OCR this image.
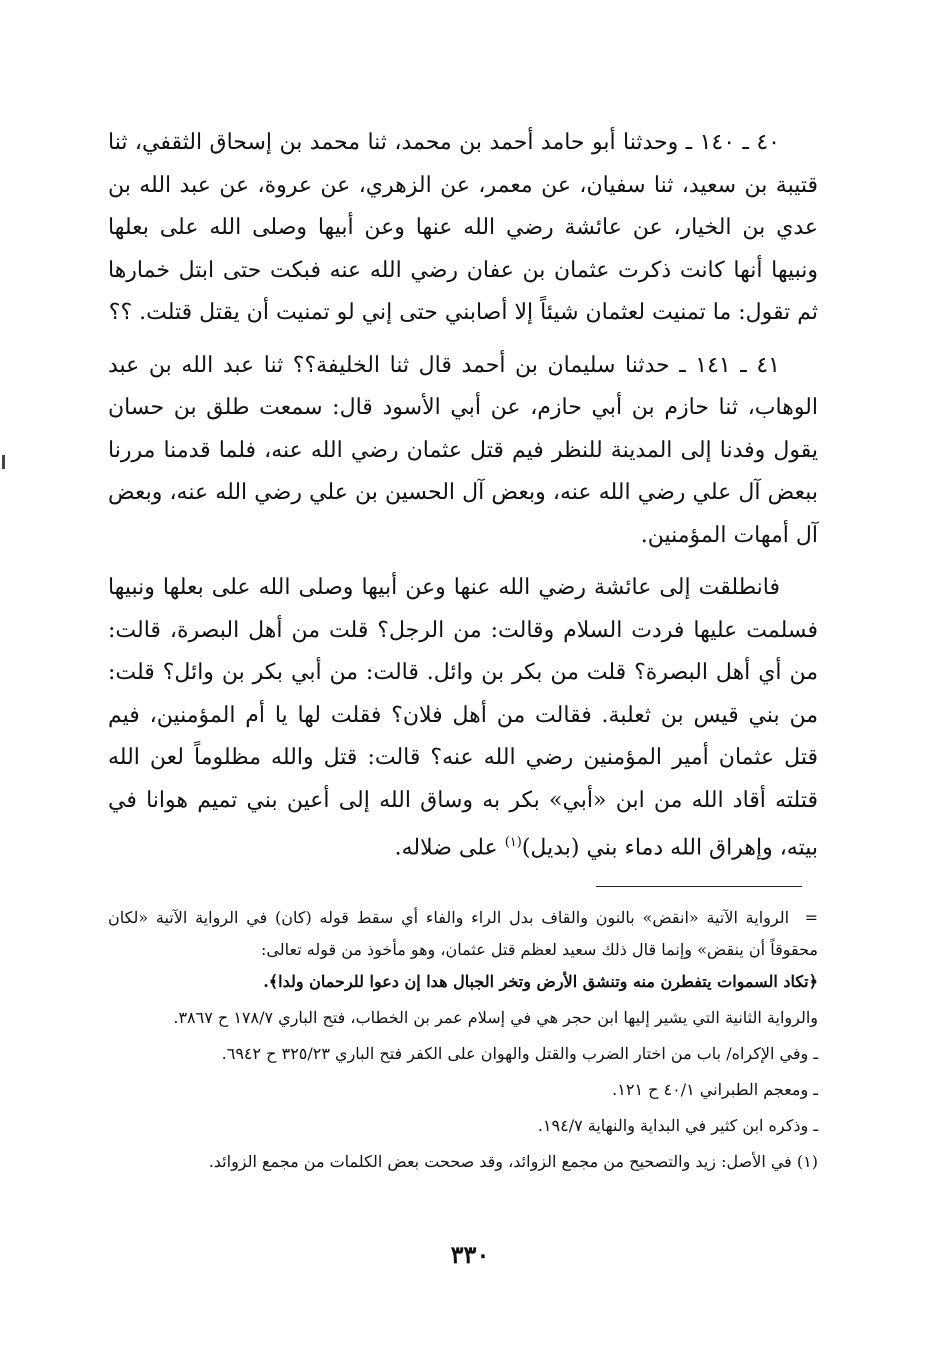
٤٠ ـ ١٤٠ ـ وحدثنا أبو حامد أحمد بن محمد، ثنا محمد بن إسحاق الثقفي، ثنا قتيبة بن سعيد، ثنا سفيان، عن معمر، عن الزهري، عن عروة، عن عبد الله بن عدي بن الخيار، عن عائشة رضي الله عنها وعن أبيها وصلى الله على بعلها ونبيها أنها كانت ذكرت عثمان بن عفان رضي الله عنه فبكت حتى ابتل خمارها ثم تقول: ما تمنيت لعثمان شيئاً إلا أصابني حتى إني لو تمنيت أن يقتل قتلت. ؟؟

٤١ ـ ١٤١ ـ حدثنا سليمان بن أحمد قال ثنا الخليفة؟؟ ثنا عبد الله بن عبد الوهاب، ثنا حازم بن أبي حازم، عن أبي الأسود قال: سمعت طلق بن حسان يقول وفدنا إلى المدينة للنظر فيم قتل عثمان رضي الله عنه، فلما قدمنا مررنا ببعض آل علي رضي الله عنه، وبعض آل الحسين بن علي رضي الله عنه، وبعض آل أمهات المؤمنين.

فانطلقت إلى عائشة رضي الله عنها وعن أبيها وصلى الله على بعلها ونبيها فسلمت عليها فردت السلام وقالت: من الرجل؟ قلت من أهل البصرة، قالت: من أي أهل البصرة؟ قلت من بكر بن وائل. قالت: من أبي بكر بن وائل؟ قلت: من بني قيس بن ثعلبة. فقالت من أهل فلان؟ فقلت لها يا أم المؤمنين، فيم قتل عثمان أمير المؤمنين رضي الله عنه؟ قالت: قتل والله مظلوماً لعن الله قتلته أقاد الله من ابن «أبي» بكر به وساق الله إلى أعين بني تميم هوانا في بيته، وإهراق الله دماء بني (بديل)$^{(١)}$ على ضلاله.

=  الرواية الآتية «انقض» بالنون والقاف بدل الراء والفاء أي سقط قوله (كان) في الرواية الآتية «لكان محقوقاً أن ينقض» وإنما قال ذلك سعيد لعظم قتل عثمان، وهو مأخوذ من قوله تعالى:

﴿تكاد السموات يتفطرن منه وتنشق الأرض وتخر الجبال هدا إن دعوا للرحمان ولدا﴾.

والرواية الثانية التي يشير إليها ابن حجر هي في إسلام عمر بن الخطاب، فتح الباري ١٧٨/٧ ح ٣٨٦٧.

ـ وفي الإكراه/ باب من اختار الضرب والقتل والهوان على الكفر فتح الباري ٣٢٥/٢٣ ح ٦٩٤٢.

ـ ومعجم الطبراني ٤٠/١ ح ١٢١.

ـ وذكره ابن كثير في البداية والنهاية ١٩٤/٧.

(١) في الأصل: زيد والتصحيح من مجمع الزوائد، وقد صححت بعض الكلمات من مجمع الزوائد.

٣٣٠
